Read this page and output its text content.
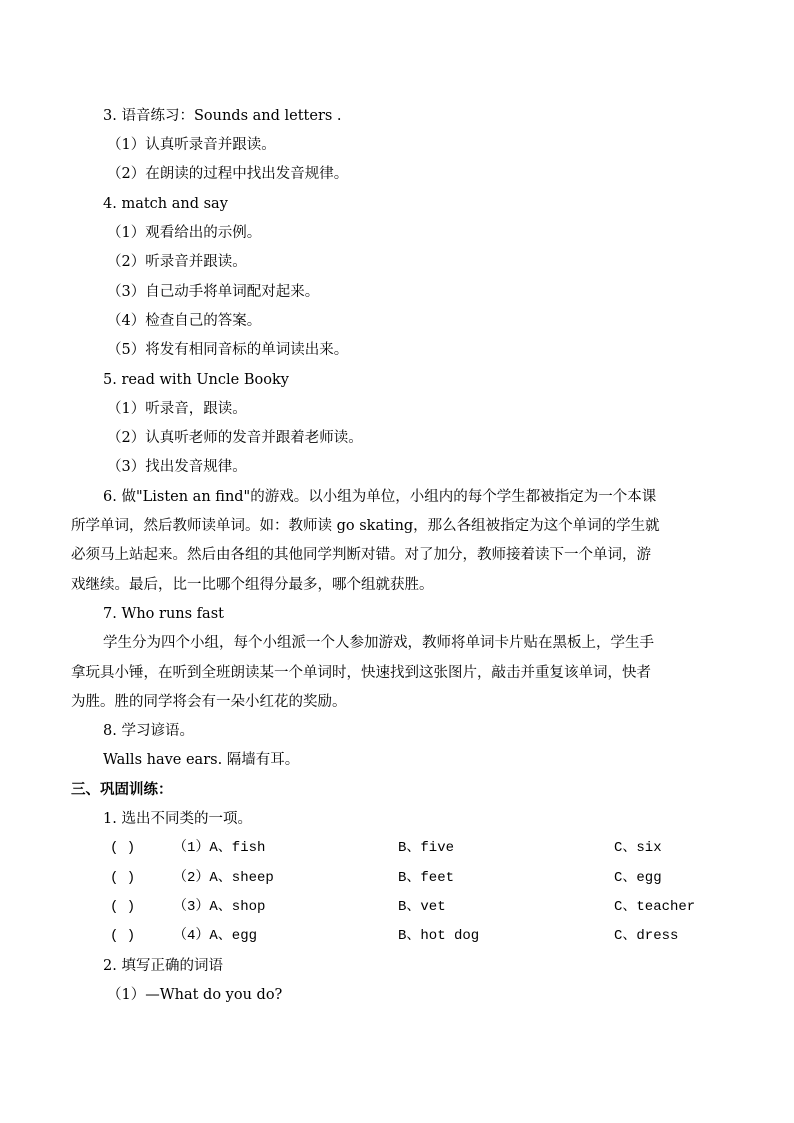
3. 语音练习：Sounds and letters .
（1）认真听录音并跟读。
（2）在朗读的过程中找出发音规律。
4. match and say
（1）观看给出的示例。
（2）听录音并跟读。
（3）自己动手将单词配对起来。
（4）检查自己的答案。
（5）将发有相同音标的单词读出来。
5. read with Uncle Booky
（1）听录音，跟读。
（2）认真听老师的发音并跟着老师读。
（3）找出发音规律。
6. 做"Listen an find"的游戏。以小组为单位，小组内的每个学生都被指定为一个本课
所学单词，然后教师读单词。如：教师读 go skating，那么各组被指定为这个单词的学生就
必须马上站起来。然后由各组的其他同学判断对错。对了加分，教师接着读下一个单词，游
戏继续。最后，比一比哪个组得分最多，哪个组就获胜。
7. Who runs fast
学生分为四个小组，每个小组派一个人参加游戏，教师将单词卡片贴在黑板上，学生手
拿玩具小锤，在听到全班朗读某一个单词时，快速找到这张图片，敲击并重复该单词，快者
为胜。胜的同学将会有一朵小红花的奖励。
8. 学习谚语。
Walls have ears. 隔墙有耳。
三、巩固训练：
1. 选出不同类的一项。
( )	（1）A、fish	B、five	C、six
( )	（2）A、sheep	B、feet	C、egg
( )	（3）A、shop	B、vet	C、teacher
( )	（4）A、egg	B、hot dog	C、dress
2. 填写正确的词语
（1）—What do you do?
